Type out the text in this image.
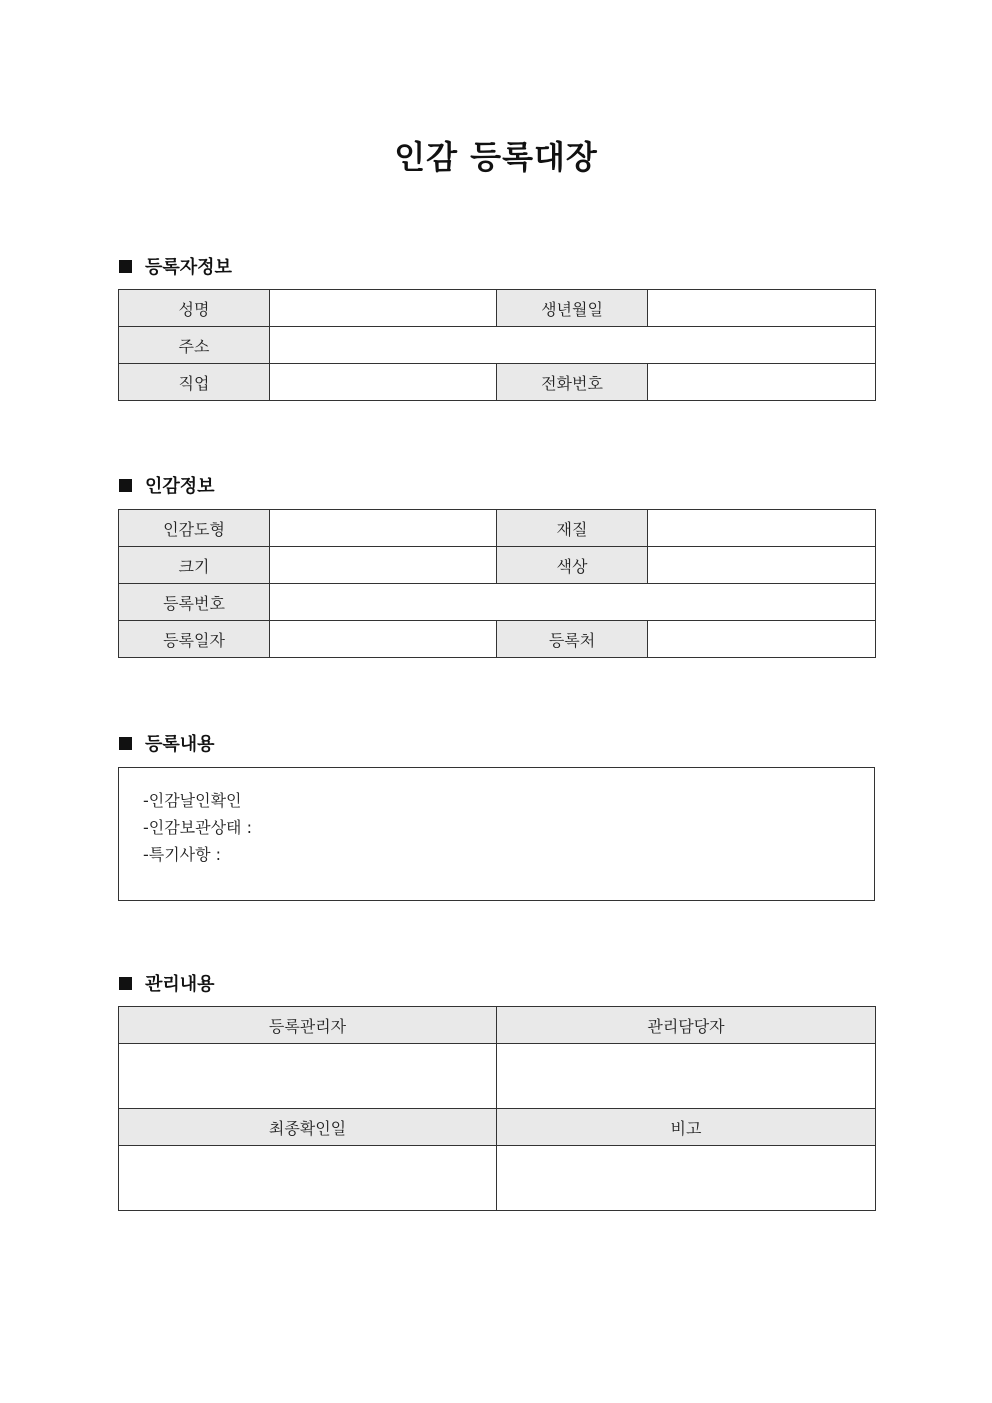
인감 등록대장
등록자정보
성명		생년월일	
주소			
직업		전화번호	
인감정보
인감도형		재질	
크기		색상	
등록번호			
등록일자		등록처	
등록내용
-인감날인확인
-인감보관상태 :
-특기사항 :
관리내용
등록관리자	관리담당자

최종확인일	비고
